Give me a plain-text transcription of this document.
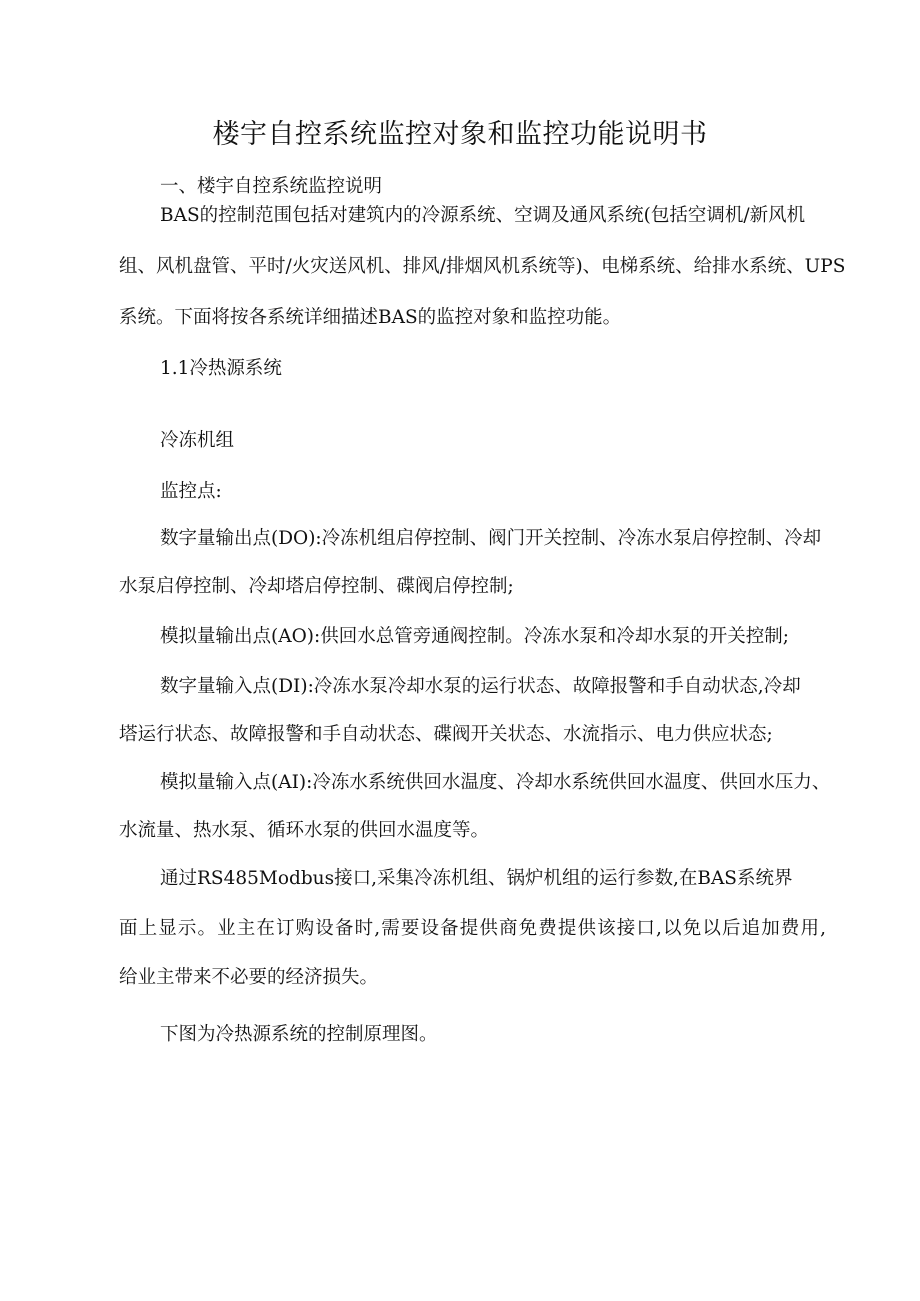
楼宇自控系统监控对象和监控功能说明书
一、楼宇自控系统监控说明
BAS的控制范围包括对建筑内的冷源系统、空调及通风系统(包括空调机/新风机
组、风机盘管、平时/火灾送风机、排风/排烟风机系统等)、电梯系统、给排水系统、UPS
系统。下面将按各系统详细描述BAS的监控对象和监控功能。
1.1冷热源系统
冷冻机组
监控点:
数字量输出点(DO):冷冻机组启停控制、阀门开关控制、冷冻水泵启停控制、冷却
水泵启停控制、冷却塔启停控制、碟阀启停控制;
模拟量输出点(AO):供回水总管旁通阀控制。冷冻水泵和冷却水泵的开关控制;
数字量输入点(DI):冷冻水泵冷却水泵的运行状态、故障报警和手自动状态,冷却
塔运行状态、故障报警和手自动状态、碟阀开关状态、水流指示、电力供应状态;
模拟量输入点(AI):冷冻水系统供回水温度、冷却水系统供回水温度、供回水压力、
水流量、热水泵、循环水泵的供回水温度等。
通过RS485Modbus接口,采集冷冻机组、锅炉机组的运行参数,在BAS系统界
面上显示。业主在订购设备时,需要设备提供商免费提供该接口,以免以后追加费用,
给业主带来不必要的经济损失。
下图为冷热源系统的控制原理图。
